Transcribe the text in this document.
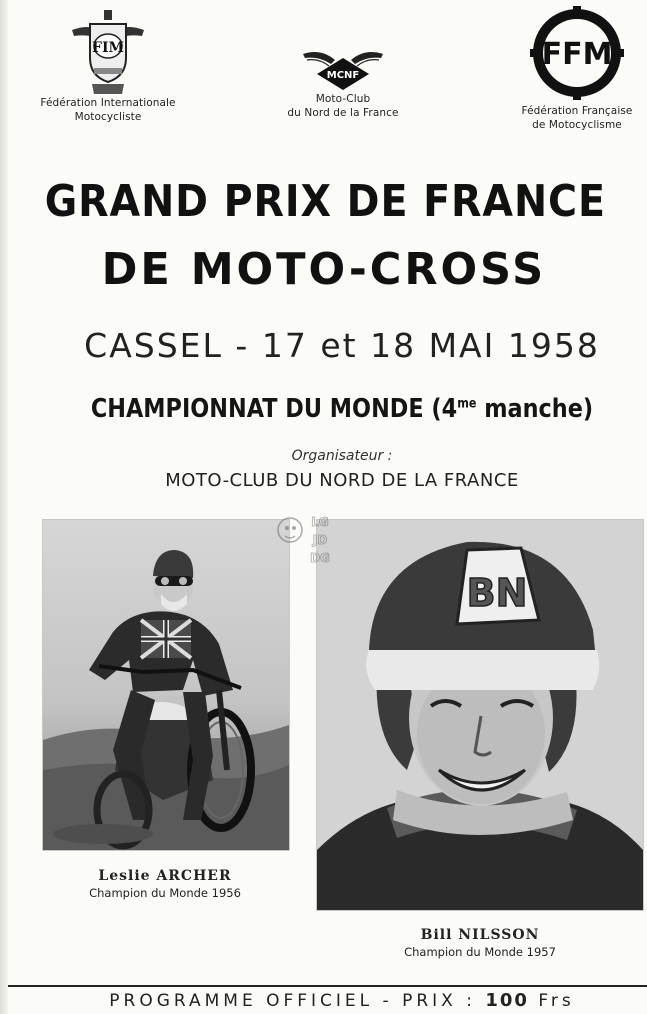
FIM
Fédération Internationale
Motocycliste
MCNF
Moto-Club
du Nord de la France
FFM
Fédération Française
de Motocyclisme
GRAND PRIX DE FRANCE
DE MOTO-CROSS
CASSEL - 17 et 18 MAI 1958
CHAMPIONNAT DU MONDE ($4^{me}$ manche)
Organisateur :
MOTO-CLUB DU NORD DE LA FRANCE
Leslie ARCHER
Champion du Monde 1956
BN
Bill NILSSON
Champion du Monde 1957
LG
JD
DG
PROGRAMME OFFICIEL - PRIX : 100 Frs
